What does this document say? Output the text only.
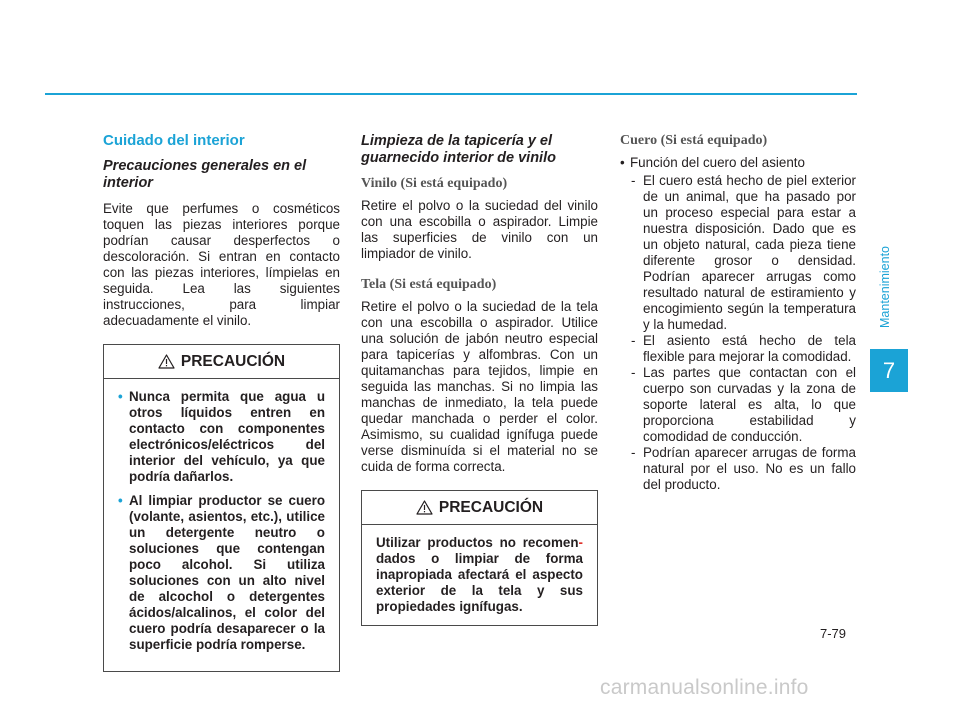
Cuidado del interior
Precauciones generales en el interior

Evite que perfumes o cosméticos toquen las piezas interiores porque podrían causar desperfectos o descoloración. Si entran en contacto con las piezas interiores, límpielas en seguida. Lea las siguientes instrucciones, para limpiar adecuadamente el vinilo.

PRECAUCIÓN
• Nunca permita que agua u otros líquidos entren en contacto con componentes electrónicos/eléctricos del interior del vehículo, ya que podría dañarlos.
• Al limpiar productor se cuero (volante, asientos, etc.), utilice un detergente neutro o soluciones que contengan poco alcohol. Si utiliza soluciones con un alto nivel de alcochol o detergentes ácidos/alcalinos, el color del cuero podría desaparecer o la superficie podría romperse.
Limpieza de la tapicería y el guarnecido interior de vinilo
Vinilo (Si está equipado)

Retire el polvo o la suciedad del vinilo con una escobilla o aspirador. Limpie las superficies de vinilo con un limpiador de vinilo.

Tela (Si está equipado)

Retire el polvo o la suciedad de la tela con una escobilla o aspirador. Utilice una solución de jabón neutro especial para tapicerías y alfombras. Con un quitamanchas para tejidos, limpie en seguida las manchas. Si no limpia las manchas de inmediato, la tela puede quedar manchada o perder el color. Asimismo, su cualidad ignífuga puede verse disminuída si el material no se cuida de forma correcta.

PRECAUCIÓN
Utilizar productos no recomen- dados o limpiar de forma inapropiada afectará el aspecto exterior de la tela y sus propiedades ignífugas.
Cuero (Si está equipado)
• Función del cuero del asiento
- El cuero está hecho de piel exterior de un animal, que ha pasado por un proceso especial para estar a nuestra disposición. Dado que es un objeto natural, cada pieza tiene diferente grosor o densidad. Podrían aparecer arrugas como resultado natural de estiramiento y encogimiento según la temperatura y la humedad.
- El asiento está hecho de tela flexible para mejorar la comodidad.
- Las partes que contactan con el cuerpo son curvadas y la zona de soporte lateral es alta, lo que proporciona estabilidad y comodidad de conducción.
- Podrían aparecer arrugas de forma natural por el uso. No es un fallo del producto.
Mantenimiento
7
7-79
carmanualsonline.info
